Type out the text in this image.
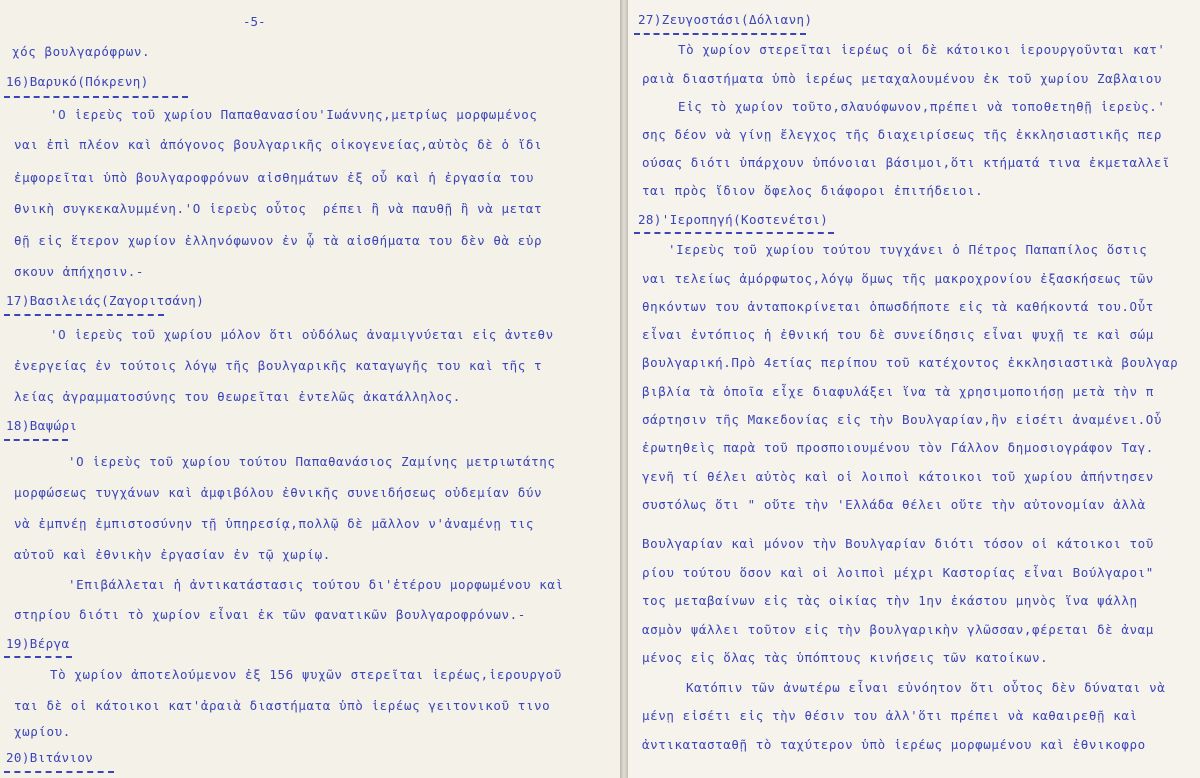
-5-
χός βουλγαρόφρων.
16)Βαρυκό(Πόκρενη)
'Ο ἱερεὺς τοῦ χωρίου Παπαθανασίου'Ιωάννης,μετρίως μορφωμένος
ναι ἐπὶ πλέον καὶ ἀπόγονος βουλγαρικῆς οἰκογενείας,αὐτὸς δὲ ὁ ἴδι
ἐμφορεῖται ὑπὸ βουλγαροφρόνων αἰσθημάτων ἐξ οὗ καὶ ἡ ἐργασία του
θνικὴ συγκεκαλυμμένη.'Ο ἱερεὺς οὗτος  ρέπει ἢ νὰ παυθῇ ἢ νὰ μετατ
θῇ εἰς ἕτερον χωρίον ἑλληνόφωνον ἐν ᾧ τὰ αἰσθήματα του δὲν θὰ εὑρ
σκουν ἀπήχησιν.-
17)Βασιλειάς(Ζαγοριτσάνη)
'Ο ἱερεὺς τοῦ χωρίου μόλον ὅτι οὐδόλως ἀναμιγνύεται εἰς ἀντεθν
ἐνεργείας ἐν τούτοις λόγῳ τῆς βουλγαρικῆς καταγωγῆς του καὶ τῆς τ
λείας ἀγραμματοσύνης του θεωρεῖται ἐντελῶς ἀκατάλληλος.
18)Βαψώρι
'Ο ἱερεὺς τοῦ χωρίου τούτου Παπαθανάσιος Ζαμίνης μετριωτάτης
μορφώσεως τυγχάνων καὶ ἀμφιβόλου ἐθνικῆς συνειδήσεως οὐδεμίαν δύν
νὰ ἐμπνέῃ ἐμπιστοσύνην τῇ ὑπηρεσίᾳ,πολλῷ δὲ μᾶλλον ν'ἀναμένῃ τις
αὐτοῦ καὶ ἐθνικὴν ἐργασίαν ἐν τῷ χωρίῳ.
'Επιβάλλεται ἡ ἀντικατάστασις τούτου δι'ἑτέρου μορφωμένου καὶ
στηρίου διότι τὸ χωρίον εἶναι ἐκ τῶν φανατικῶν βουλγαροφρόνων.-
19)Βέργα
Τὸ χωρίον ἀποτελούμενον ἐξ 156 ψυχῶν στερεῖται ἱερέως,ἱερουργοῦ
ται δὲ οἱ κάτοικοι κατ'ἀραιὰ διαστήματα ὑπὸ ἱερέως γειτονικοῦ τινο
χωρίου.
20)Βιτάνιον
27)Ζευγοστάσι(Δόλιανη)
Τὸ χωρίον στερεῖται ἱερέως οἱ δὲ κάτοικοι ἱερουργοῦνται κατ'
ραιὰ διαστήματα ὑπὸ ἱερέως μεταχαλουμένου ἐκ τοῦ χωρίου Ζαβλαιου
Εἰς τὸ χωρίον τοῦτο,σλαυόφωνον,πρέπει νὰ τοποθετηθῇ ἱερεὺς.'
σης δέον νὰ γίνῃ ἔλεγχος τῆς διαχειρίσεως τῆς ἐκκλησιαστικῆς περ
ούσας διότι ὑπάρχουν ὑπόνοιαι βάσιμοι,ὅτι κτήματά τινα ἐκμεταλλεῖ
ται πρὸς ἴδιον ὄφελος διάφοροι ἐπιτήδειοι.
28)'Ιεροπηγή(Κοστενέτσι)
'Ιερεὺς τοῦ χωρίου τούτου τυγχάνει ὁ Πέτρος Παπαπίλος ὅστις
ναι τελείως ἀμόρφωτος,λόγῳ ὅμως τῆς μακροχρονίου ἐξασκήσεως τῶν
θηκόντων του ἀνταποκρίνεται ὁπωσδήποτε εἰς τὰ καθήκοντά του.Οὗτ
εἶναι ἐντόπιος ἡ ἐθνική του δὲ συνείδησις εἶναι ψυχῇ τε καὶ σώμ
βουλγαρική.Πρὸ 4ετίας περίπου τοῦ κατέχοντος ἐκκλησιαστικὰ βουλγαρ
βιβλία τὰ ὁποῖα εἶχε διαφυλάξει ἵνα τὰ χρησιμοποιήσῃ μετὰ τὴν π
σάρτησιν τῆς Μακεδονίας εἰς τὴν Βουλγαρίαν,ἣν εἰσέτι ἀναμένει.Οὗ
ἐρωτηθεὶς παρὰ τοῦ προσποιουμένου τὸν Γάλλον δημοσιογράφον Ταγ.
γενῆ τί θέλει αὐτὸς καὶ οἱ λοιποὶ κάτοικοι τοῦ χωρίου ἀπήντησεν
συστόλως ὅτι " οὔτε τὴν 'Ελλάδα θέλει οὔτε τὴν αὐτονομίαν ἀλλὰ
Βουλγαρίαν καὶ μόνον τὴν Βουλγαρίαν διότι τόσον οἱ κάτοικοι τοῦ
ρίου τούτου ὅσον καὶ οἱ λοιποὶ μέχρι Καστορίας εἶναι Βούλγαροι"
τος μεταβαίνων εἰς τὰς οἰκίας τὴν 1ην ἑκάστου μηνὸς ἵνα ψάλλῃ
ασμὸν ψάλλει τοῦτον εἰς τὴν βουλγαρικὴν γλῶσσαν,φέρεται δὲ ἀναμ
μένος εἰς ὅλας τὰς ὑπόπτους κινήσεις τῶν κατοίκων.
Κατόπιν τῶν ἀνωτέρω εἶναι εὐνόητον ὅτι οὗτος δὲν δύναται νὰ
μένῃ εἰσέτι εἰς τὴν θέσιν του ἀλλ'ὅτι πρέπει νὰ καθαιρεθῇ καὶ
ἀντικατασταθῇ τὸ ταχύτερον ὑπὸ ἱερέως μορφωμένου καὶ ἐθνικοφρο
